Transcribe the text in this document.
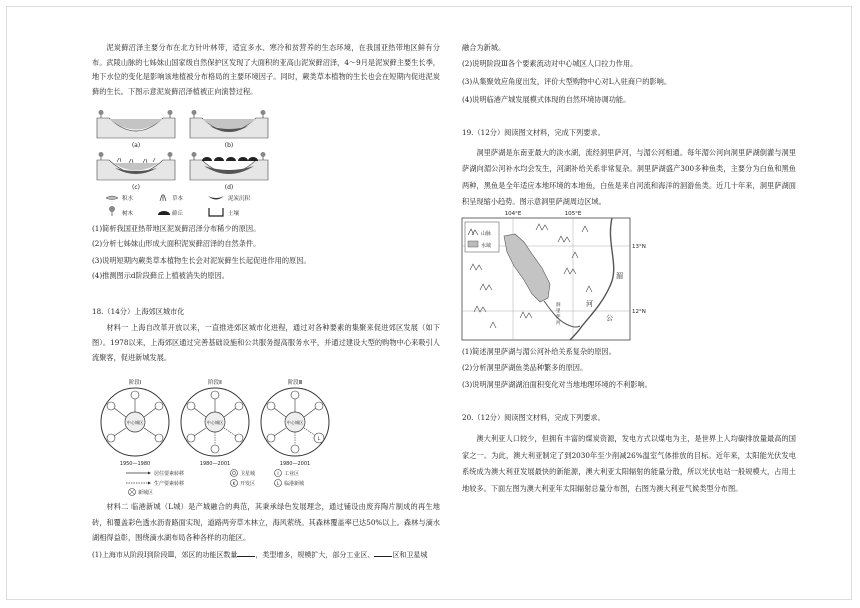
泥炭藓沼泽主要分布在北方针叶林带，适宜多水、寒冷和贫营养的生态环境，在我国亚热带地区鲜有分布。武陵山脉的七姊妹山国家级自然保护区发现了大面积的亚高山泥炭藓沼泽，4～9月是泥炭藓主要生长季，地下水位的变化是影响该地植被分布格局的主要环境因子。同时，蕨类草本植物的生长也会在短期内促进泥炭藓的生长。下图示意泥炭藓沼泽植被正向演替过程。
(a)	(b)
(c)	(d)
积水	草本	泥炭沉积
树木	藓丘	土壤
(1)简析我国亚热带地区泥炭藓沼泽分布稀少的原因。
(2)分析七姊妹山形成大面积泥炭藓沼泽的自然条件。
(3)说明短期内蕨类草本植物生长会对泥炭藓生长起促进作用的原因。
(4)推测图示d阶段藓丘上植被消失的原因。
18.（14分）上海郊区城市化
材料一 上海自改革开放以来，一直推进郊区城市化进程，通过对各种要素的集聚来促进郊区发展（如下图）。1978以来，上海郊区通过完善基础设施和公共服务提高服务水平，并通过建设大型的购物中心来吸引人流聚客，促进新城发展。
阶段Ⅰ	阶段Ⅱ	阶段Ⅲ
中心城区	中心城区	中心城区
L
1950—1980	1980—2001	1980—2001
居住要素转移
生产要素转移
新城区
卫星城	I 工业区
K 开发区	L 临港新城
材料二 临港新城（L城）是产城融合的典范，其秉承绿色发展理念，通过铺设由废弃陶片制成的再生地砖，和覆盖彩色透水沥青路面实现，道路两旁草木林立，海风萦绕。其森林覆盖率已达50%以上。森林与滴水湖相得益彰，围绕滴水湖布局各种各样的功能区。
(1)上海市从阶段Ⅰ到阶段Ⅲ，郊区的功能区数量	，类型增多，规模扩大，部分工业区、	区和卫星城
融合为新城。
(2)说明阶段Ⅲ各个要素流动对中心城区人口拉力作用。
(3)从集聚效应角度出发，评价大型购物中心对L入驻商户的影响。
(4)说明临港产城发展模式体现的自然环境协调功能。
19.（12分）阅读图文材料，完成下列要求。
洞里萨湖是东南亚最大的淡水湖，流经洞里萨河，与湄公河相通。每年湄公河向洞里萨湖倒灌与洞里萨湖向湄公河补水均会发生，河湖补给关系非常复杂。洞里萨湖盛产300多种鱼类，主要分为白鱼和黑鱼两种，黑鱼是全年适应本地环境的本地鱼，白鱼是来自河流和海洋的洄游鱼类。近几十年来，洞里萨湖面积呈现缩小趋势。图示意洞里萨湖周边区域。
104°E	105°E
13°N
12°N
山脉
水域
湄
公
河
洞
里
萨
河
(1)简述洞里萨湖与湄公河补给关系复杂的原因。
(2)分析洞里萨湖鱼类品种繁多的原因。
(3)说明洞里萨湖湖泊面积变化对当地地理环境的不利影响。
20.（12分）阅读图文材料，完成下列要求。
澳大利亚人口较少，但拥有丰富的煤炭资源，发电方式以煤电为主，是世界上人均碳排放量最高的国家之一。为此，澳大利亚制定了到2030年至少削减26%温室气体排放的目标。近年来，太阳能光伏发电系统成为澳大利亚发展最快的新能源，澳大利亚太阳辐射的能量分散，所以光伏电站一般规模大，占用土地较多。下面左图为澳大利亚年太阳辐射总量分布图，右图为澳大利亚气候类型分布图。
